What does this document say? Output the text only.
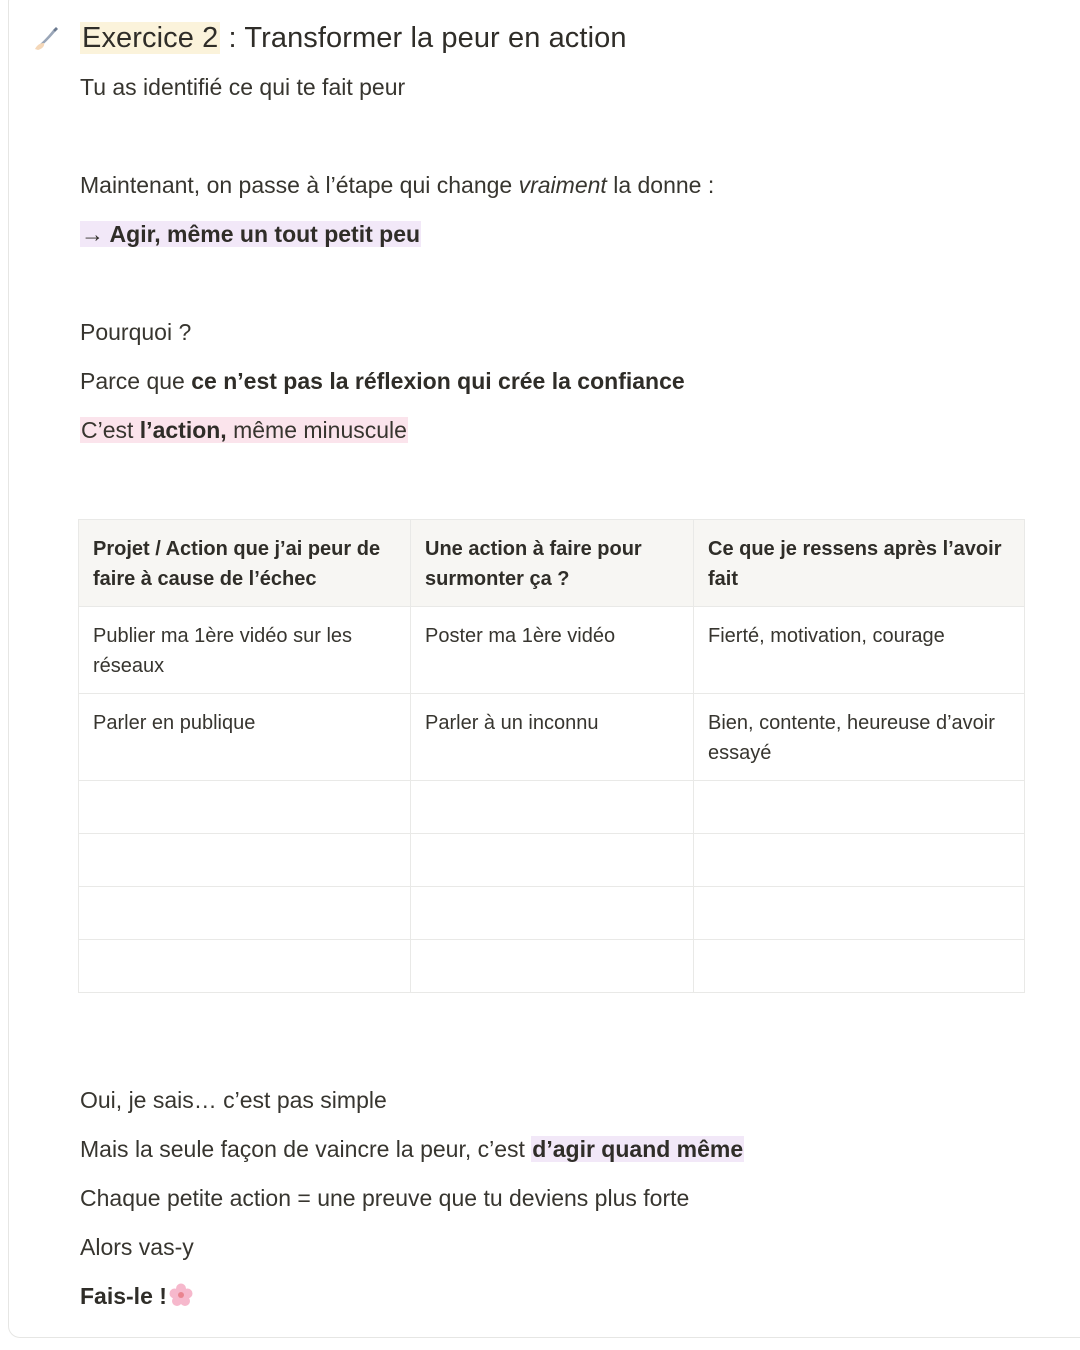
Exercice 2 : Transformer la peur en action
Tu as identifié ce qui te fait peur
Maintenant, on passe à l’étape qui change vraiment la donne :
→ Agir, même un tout petit peu
Pourquoi ?
Parce que ce n’est pas la réflexion qui crée la confiance
C’est l’action, même minuscule
Projet / Action que j’ai peur de faire à cause de l’échec	Une action à faire pour surmonter ça ?	Ce que je ressens après l’avoir fait
Publier ma 1ère vidéo sur les réseaux	Poster ma 1ère vidéo	Fierté, motivation, courage
Parler en publique	Parler à un inconnu	Bien, contente, heureuse d’avoir essayé

Oui, je sais… c’est pas simple
Mais la seule façon de vaincre la peur, c’est d’agir quand même
Chaque petite action = une preuve que tu deviens plus forte
Alors vas-y
Fais-le !
